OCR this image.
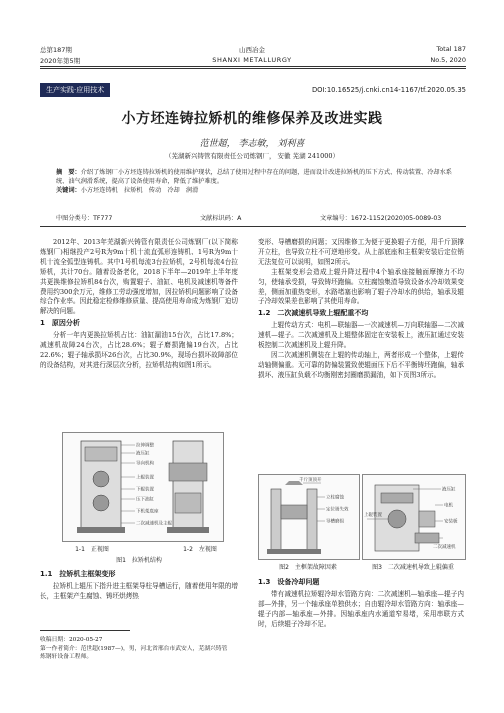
总第187期	山西冶金	Total 187
2020年第5期	SHANXI METALLURGY	No.5, 2020
生产实践·应用技术	DOI:10.16525/j.cnki.cn14-1167/tf.2020.05.35
小方坯连铸拉矫机的维修保养及改进实践
范世超， 李志敏， 刘利喜
（芜湖新兴铸管有限责任公司炼钢厂， 安徽 芜湖 241000）
摘　要：介绍了炼钢厂小方坯连铸拉矫机的使用维护现状，总结了使用过程中存在的问题，进而设计改进拉矫机的压下方式、传动装置、冷却水系统、油气润滑系统，提高了设备使用寿命，降低了维护难度。
关键词：小方坯连铸机　拉矫机　传动　冷却　润滑
中图分类号：TF777	文献标识码：A	文章编号：1672-1152(2020)05-0089-03

2012年、2013年芜湖新兴铸管有限责任公司炼钢厂(以下简称炼钢厂)相继投产2号R为9m十机十流直弧形连铸机、1号R为9m十机十流全弧型连铸机。其中1号机每流3台拉矫机，2号机每流4台拉矫机，共计70台。随着设备老化，2018下半年—2019年上半年度共更换维修拉矫机84台次，购置辊子、油缸、电机及减速机等备件费用约300余万元，维修工劳动强度增加，因拉矫机问题影响了设备综合作业率。因此稳定检修维修质量、提高使用寿命成为炼钢厂迫切解决的问题。

1　原因分析

分析一年内更换拉矫机占比：油缸漏油15台次，占比17.8%；减速机故障24台次，占比28.6%；辊子磨损跑偏19台次，占比22.6%；辊子轴承损坏26台次，占比30.9%，现场台损坏故障部位的设备结构，对其进行深层次分析，拉矫机结构如图1所示。

拉伸调整
液压缸
导向机构
上辊装置
下辊装置
压下油缸
下机架底座
二次减速机及主辊
1-1　正视图	1-2　左视图
图1　拉矫机结构
1.1　拉矫机主框架变形

拉矫机上辊压下指升进主框架导柱导槽运行，随着使用年限的增长，主框架产生腐蚀、铸坯烘烤热

收稿日期：2020-05-27
第一作者简介：范世超(1987—)，男，河北省邢台市武安人，芜湖兴铸管炼钢轩设备工程师。

变形、导槽磨损的问题；又因维修工为便于更换辊子方便，用千斤顶撑开立柱，也导致立柱不可逆地形变。从上部底座和主框架安装后定位销无法复位可以说明，如图2所示。

主框架变形会造成上辊升降过程中4个轴承座接触面摩擦力不均匀，使轴承受损，导致铸坯跑偏。立柱腐蚀集渣导致设备水冷却效果变差，侧面加重热变形，水路堵塞也影响了辊子冷却水的供给，轴承及辊子冷却效果差也影响了其使用寿命。

1.2　二次减速机导致上辊配重不均

上辊传动方式：电机—联轴器—一次减速机—万向联轴器—二次减速机—辊子。二次减速机及上辊整体固定在安装板上，液压缸通过安装板控制二次减速机及上辊升降。

因二次减速机侧装在上辊的传动轴上，两者形成一个整体，上辊传动轴侧偏重。无可靠的防偏装置致使辊面压下后不平衡铸坯跑偏，轴承损坏、液压缸负载不均衡刚密封圈磨损漏油，如下页图3所示。

千斤顶顶开
立柱腐蚀
定位销失效
导槽磨损
液压缸
上辊装置
电机
安装板
二次减速机
图2　主框架故障因素	图3　二次减速机导致上辊偏重
1.3　设备冷却问题

带有减速机拉矫辊冷却水管路方向：二次减速机—轴承座—辊子内部—外排，另一个轴承座单独供水；自由辊冷却水管路方向：轴承座—辊子内部—轴承座—外排。因轴承座内水通道窄易堵，采用串联方式时，后续辊子冷却不足。
